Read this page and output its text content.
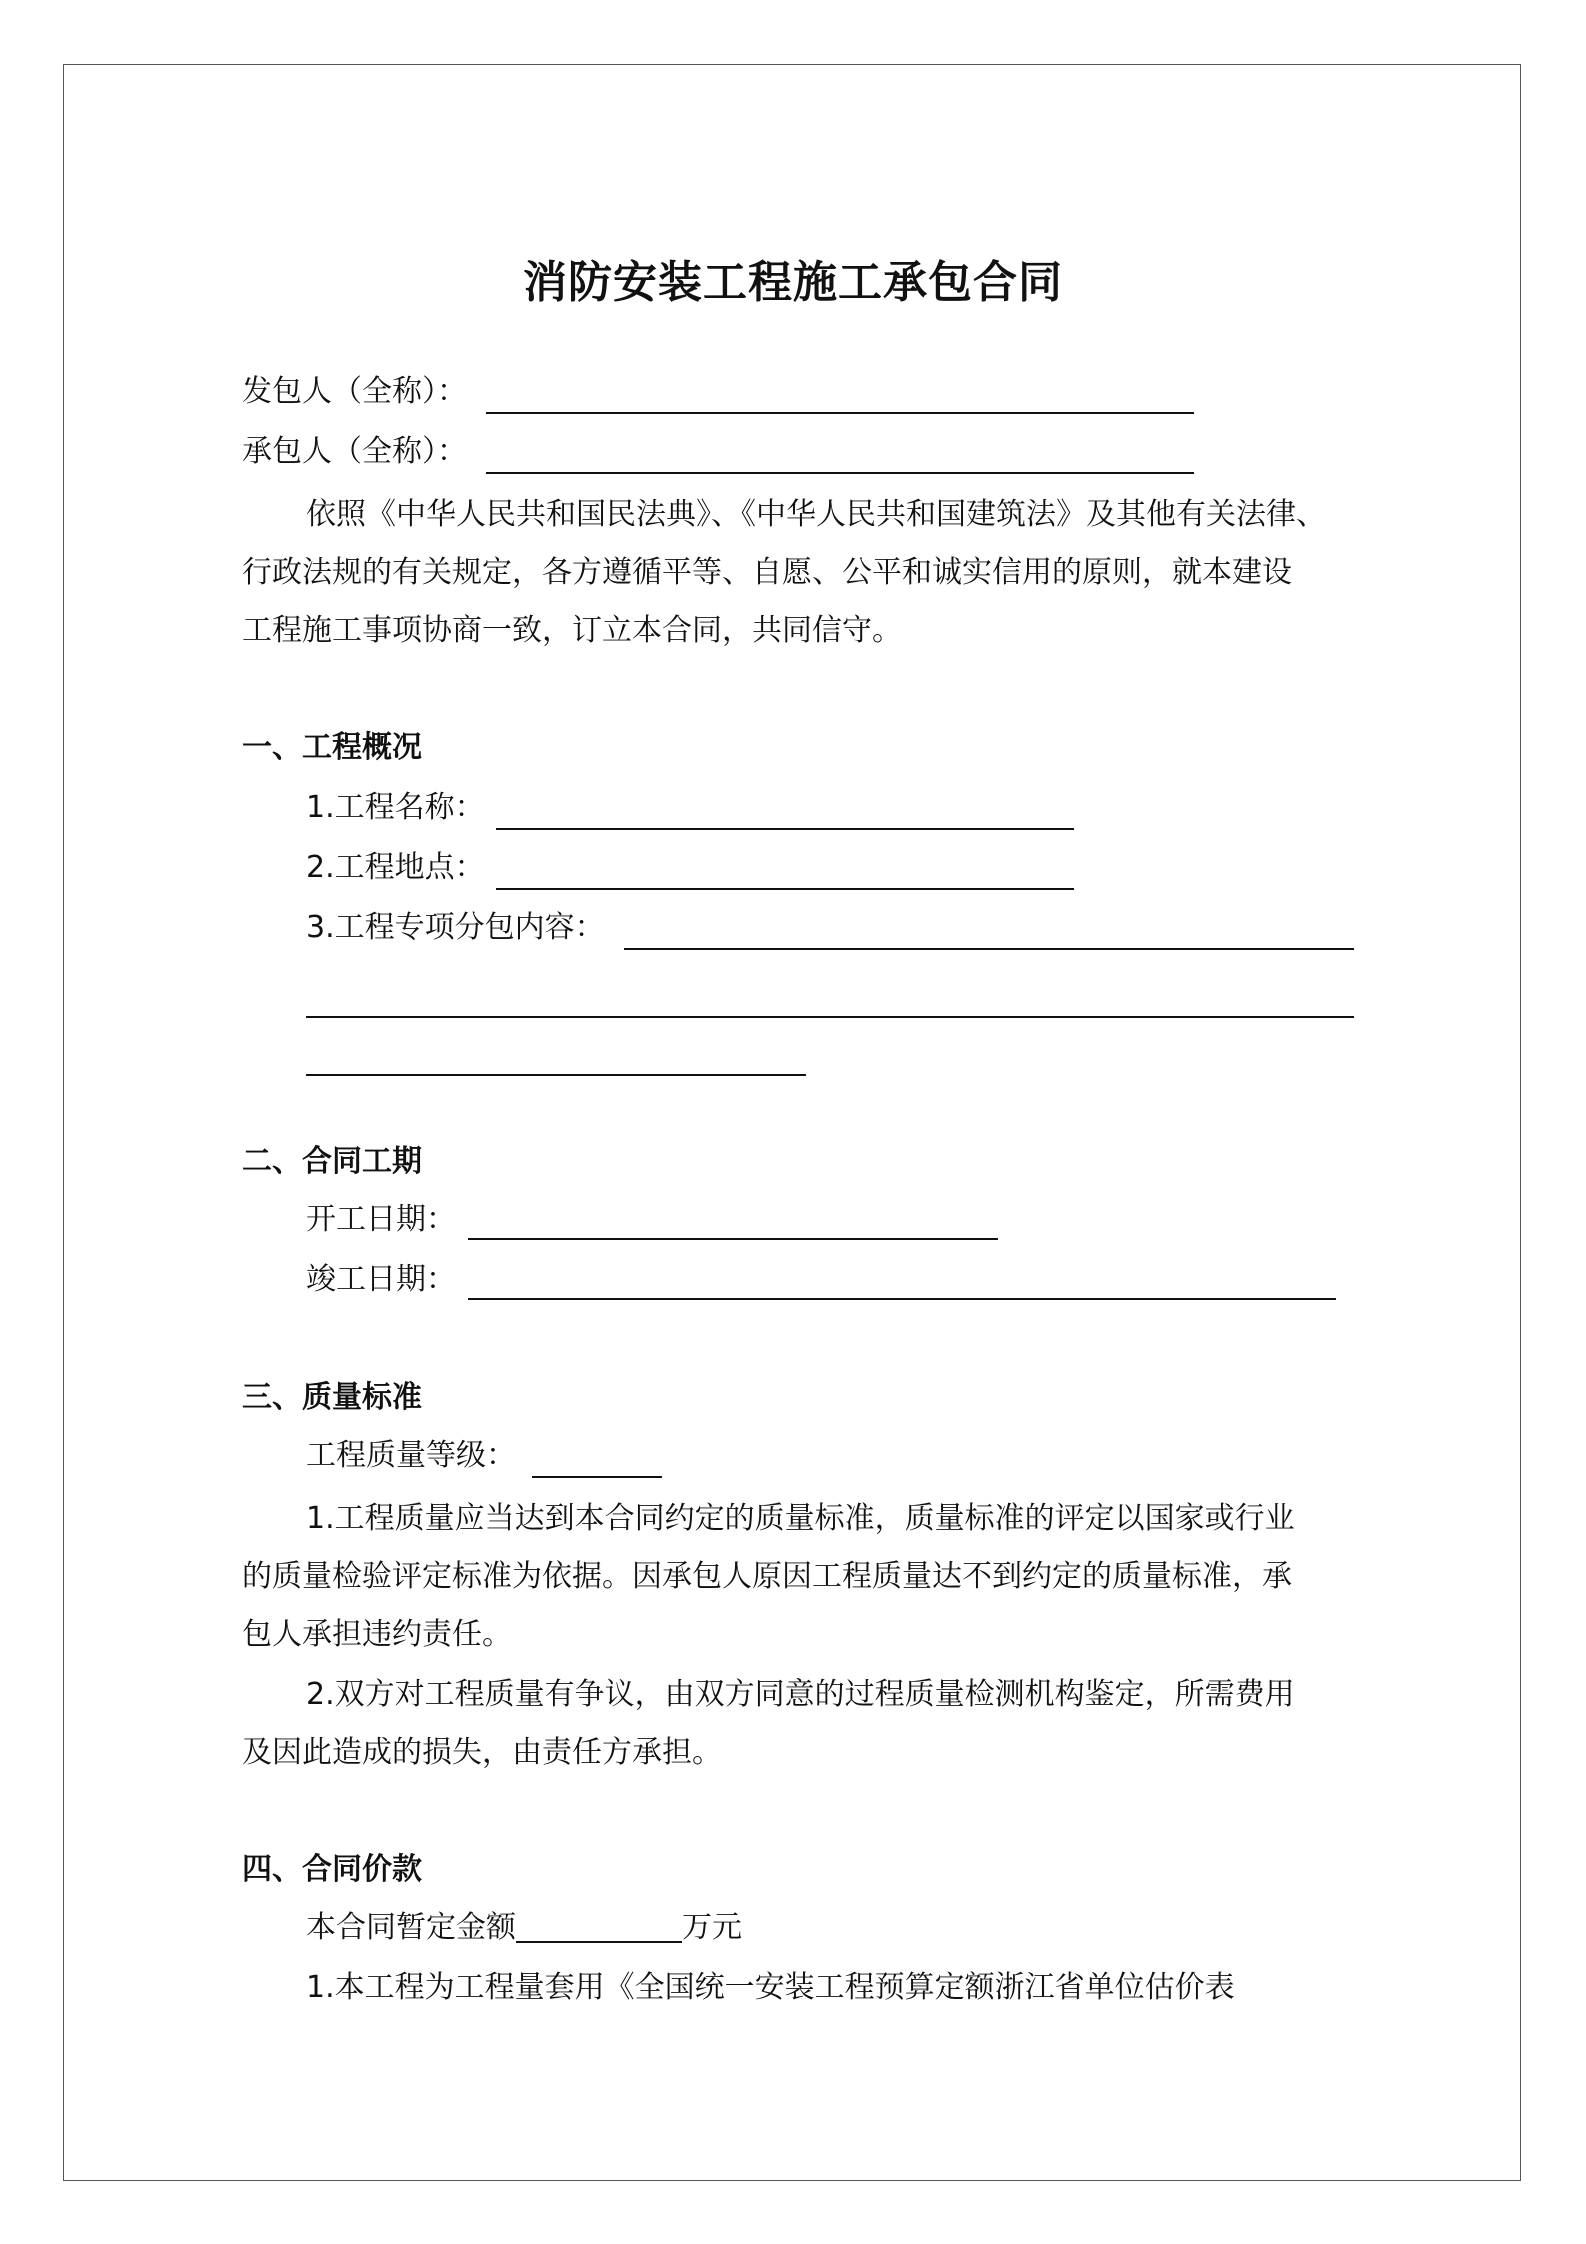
消防安装工程施工承包合同
发包人（全称）：
承包人（全称）：
依照《中华人民共和国民法典》、《中华人民共和国建筑法》及其他有关法律、
行政法规的有关规定，各方遵循平等、自愿、公平和诚实信用的原则，就本建设
工程施工事项协商一致，订立本合同，共同信守。
一、工程概况
1.工程名称：
2.工程地点：
3.工程专项分包内容：
二、合同工期
开工日期：
竣工日期：
三、质量标准
工程质量等级：
1.工程质量应当达到本合同约定的质量标准，质量标准的评定以国家或行业
的质量检验评定标准为依据。因承包人原因工程质量达不到约定的质量标准，承
包人承担违约责任。
2.双方对工程质量有争议，由双方同意的过程质量检测机构鉴定，所需费用
及因此造成的损失，由责任方承担。
四、合同价款
本合同暂定金额	万元
1.本工程为工程量套用《全国统一安装工程预算定额浙江省单位估价表
